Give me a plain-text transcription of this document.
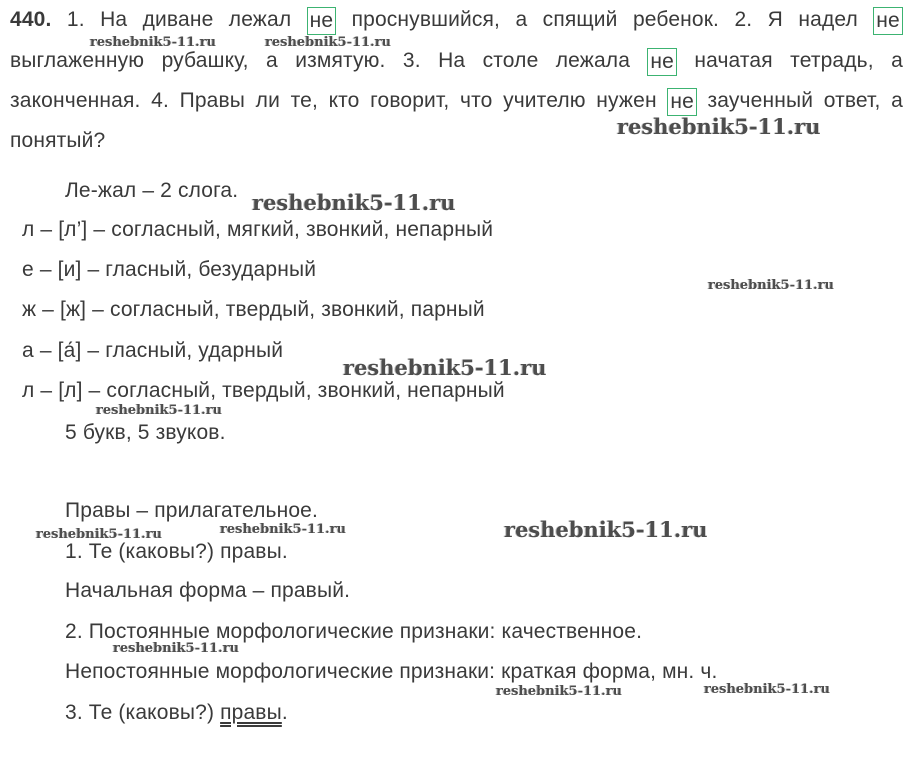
440. 1. На диване лежал не проснувшийся, а спящий ребенок. 2. Я надел не
выглаженную рубашку, а измятую. 3. На столе лежала не начатая тетрадь, а
законченная. 4. Правы ли те, кто говорит, что учителю нужен не заученный ответ, а
понятый?
Ле-жал – 2 слога.
л – [л’] – согласный, мягкий, звонкий, непарный
е – [и] – гласный, безударный
ж – [ж] – согласный, твердый, звонкий, парный
а – [а́] – гласный, ударный
л – [л] – согласный, твердый, звонкий, непарный
5 букв, 5 звуков.
Правы – прилагательное.
1. Те (каковы?) правы.
Начальная форма – правый.
2. Постоянные морфологические признаки: качественное.
Непостоянные морфологические признаки: краткая форма, мн. ч.
3. Те (каковы?) правы.
reshebnik5-11.ru	reshebnik5-11.ru
reshebnik5-11.ru
reshebnik5-11.ru
reshebnik5-11.ru
reshebnik5-11.ru
reshebnik5-11.ru
reshebnik5-11.ru
reshebnik5-11.ru
reshebnik5-11.ru
reshebnik5-11.ru
reshebnik5-11.ru	reshebnik5-11.ru
